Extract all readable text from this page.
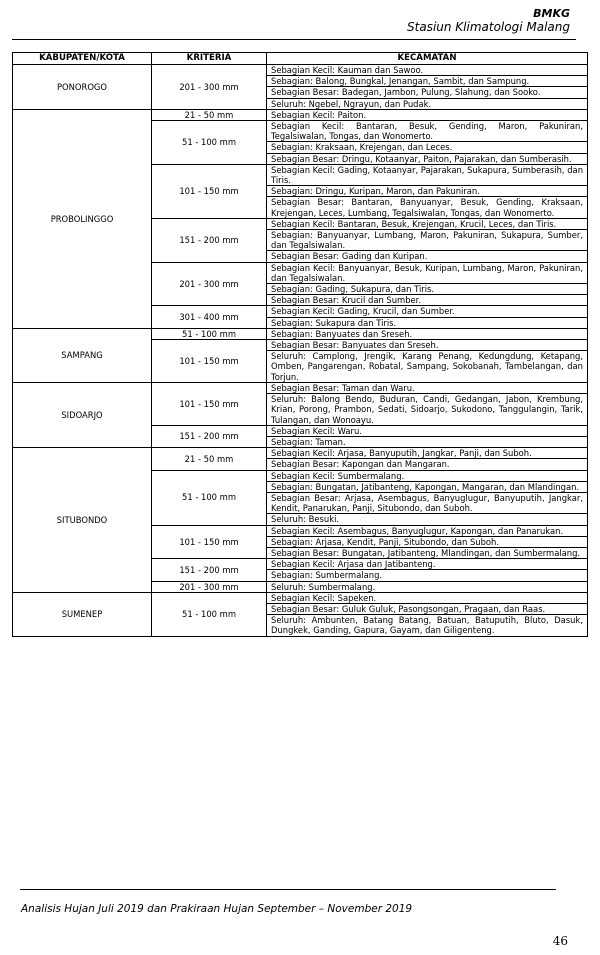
BMKG
Stasiun Klimatologi Malang
KABUPATEN/KOTA	KRITERIA	KECAMATAN
PONOROGO	201 - 300 mm	Sebagian Kecil: Kauman dan Sawoo.
		Sebagian: Balong, Bungkal, Jenangan, Sambit, dan Sampung.
		Sebagian Besar: Badegan, Jambon, Pulung, Slahung, dan Sooko.
		Seluruh: Ngebel, Ngrayun, dan Pudak.
PROBOLINGGO	21 - 50 mm	Sebagian Kecil: Paiton.
	51 - 100 mm	Sebagian Kecil: Bantaran, Besuk, Gending, Maron, Pakuniran, Tegalsiwalan, Tongas, dan Wonomerto.
		Sebagian: Kraksaan, Krejengan, dan Leces.
		Sebagian Besar: Dringu, Kotaanyar, Paiton, Pajarakan, dan Sumberasih.
	101 - 150 mm	Sebagian Kecil: Gading, Kotaanyar, Pajarakan, Sukapura, Sumberasih, dan Tiris.
		Sebagian: Dringu, Kuripan, Maron, dan Pakuniran.
		Sebagian Besar: Bantaran, Banyuanyar, Besuk, Gending, Kraksaan, Krejengan, Leces, Lumbang, Tegalsiwalan, Tongas, dan Wonomerto.
	151 - 200 mm	Sebagian Kecil: Bantaran, Besuk, Krejengan, Krucil, Leces, dan Tiris.
		Sebagian: Banyuanyar, Lumbang, Maron, Pakuniran, Sukapura, Sumber, dan Tegalsiwalan.
		Sebagian Besar: Gading dan Kuripan.
	201 - 300 mm	Sebagian Kecil: Banyuanyar, Besuk, Kuripan, Lumbang, Maron, Pakuniran, dan Tegalsiwalan.
		Sebagian: Gading, Sukapura, dan Tiris.
		Sebagian Besar: Krucil dan Sumber.
	301 - 400 mm	Sebagian Kecil: Gading, Krucil, dan Sumber.
		Sebagian: Sukapura dan Tiris.
SAMPANG	51 - 100 mm	Sebagian: Banyuates dan Sreseh.
	101 - 150 mm	Sebagian Besar: Banyuates dan Sreseh.
		Seluruh: Camplong, Jrengik, Karang Penang, Kedungdung, Ketapang, Omben, Pangarengan, Robatal, Sampang, Sokobanah, Tambelangan, dan Torjun.
SIDOARJO	101 - 150 mm	Sebagian Besar: Taman dan Waru.
		Seluruh: Balong Bendo, Buduran, Candi, Gedangan, Jabon, Krembung, Krian, Porong, Prambon, Sedati, Sidoarjo, Sukodono, Tanggulangin, Tarik, Tulangan, dan Wonoayu.
	151 - 200 mm	Sebagian Kecil: Waru.
		Sebagian: Taman.
SITUBONDO	21 - 50 mm	Sebagian Kecil: Arjasa, Banyuputih, Jangkar, Panji, dan Suboh.
		Sebagian Besar: Kapongan dan Mangaran.
	51 - 100 mm	Sebagian Kecil: Sumbermalang.
		Sebagian: Bungatan, Jatibanteng, Kapongan, Mangaran, dan Mlandingan.
		Sebagian Besar: Arjasa, Asembagus, Banyuglugur, Banyuputih, Jangkar, Kendit, Panarukan, Panji, Situbondo, dan Suboh.
		Seluruh: Besuki.
	101 - 150 mm	Sebagian Kecil: Asembagus, Banyuglugur, Kapongan, dan Panarukan.
		Sebagian: Arjasa, Kendit, Panji, Situbondo, dan Suboh.
		Sebagian Besar: Bungatan, Jatibanteng, Mlandingan, dan Sumbermalang.
	151 - 200 mm	Sebagian Kecil: Arjasa dan Jatibanteng.
		Sebagian: Sumbermalang.
	201 - 300 mm	Seluruh: Sumbermalang.
SUMENEP	51 - 100 mm	Sebagian Kecil: Sapeken.
		Sebagian Besar: Guluk Guluk, Pasongsongan, Pragaan, dan Raas.
		Seluruh: Ambunten, Batang Batang, Batuan, Batuputih, Bluto, Dasuk, Dungkek, Ganding, Gapura, Gayam, dan Giligenteng.
Analisis Hujan Juli 2019 dan Prakiraan Hujan September – November 2019
46
